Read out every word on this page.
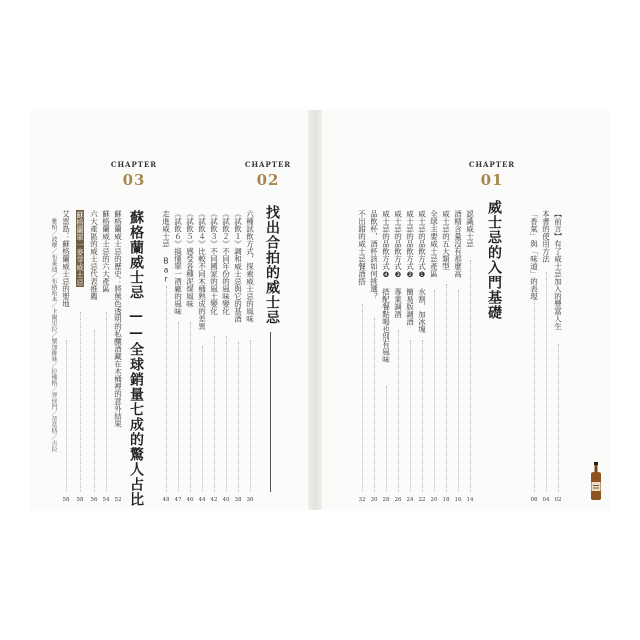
CHAPTER
03
蘇格蘭威士忌
——全球銷量七成的驚人占比
蘇格蘭威士忌的歷史：將無色透明的私釀酒藏在木桶裡的意外結果
52
蘇格蘭威士忌的六大產區
54
六大產區的威士忌代表推薦
56
蘇格蘭單一麥芽威士忌
58
艾雷島：蘇格蘭威士忌的聖地
58
雅柏／波摩／布萊迪／布納哈本／卡爾里拉／樂加維林／拉佛格／齊侯門／蒂莫特／吉拉
CHAPTER
02
找出合拍的威士忌
六種試飲方式，探索威士忌的風味
36
《試飲１》調和威士忌與它的基酒
38
《試飲２》不同年份的風味變化
40
《試飲３》不同國家的風土變化
42
《試飲４》比較不同木桶熟成的差異
44
《試飲５》感受各種泥煤風味
46
《試飲６》搞懂單一酒廠的風味
47
走進威士忌 Bar
48
CHAPTER
01
威士忌的入門基礎
認識威士忌
14
酒精含量沒有那麼高
16
威士忌的五大類型
18
全球主要威士忌產區
20
威士忌的品飲方式❶ 水割．加冰塊
22
威士忌的品飲方式❷ 簡易版調酒
24
威士忌的品飲方式❸ 專業調酒
26
威士忌的品飲方式❹ 搭配餐點喝也別有風味
28
品飲杯，酒杯該如何挑選？
30
不出錯的威士忌餐酒搭
32
【前言】有了威士忌加入的豐富人生
02
本書的使用方法
04
「香氣」與「味道」的表現
06
